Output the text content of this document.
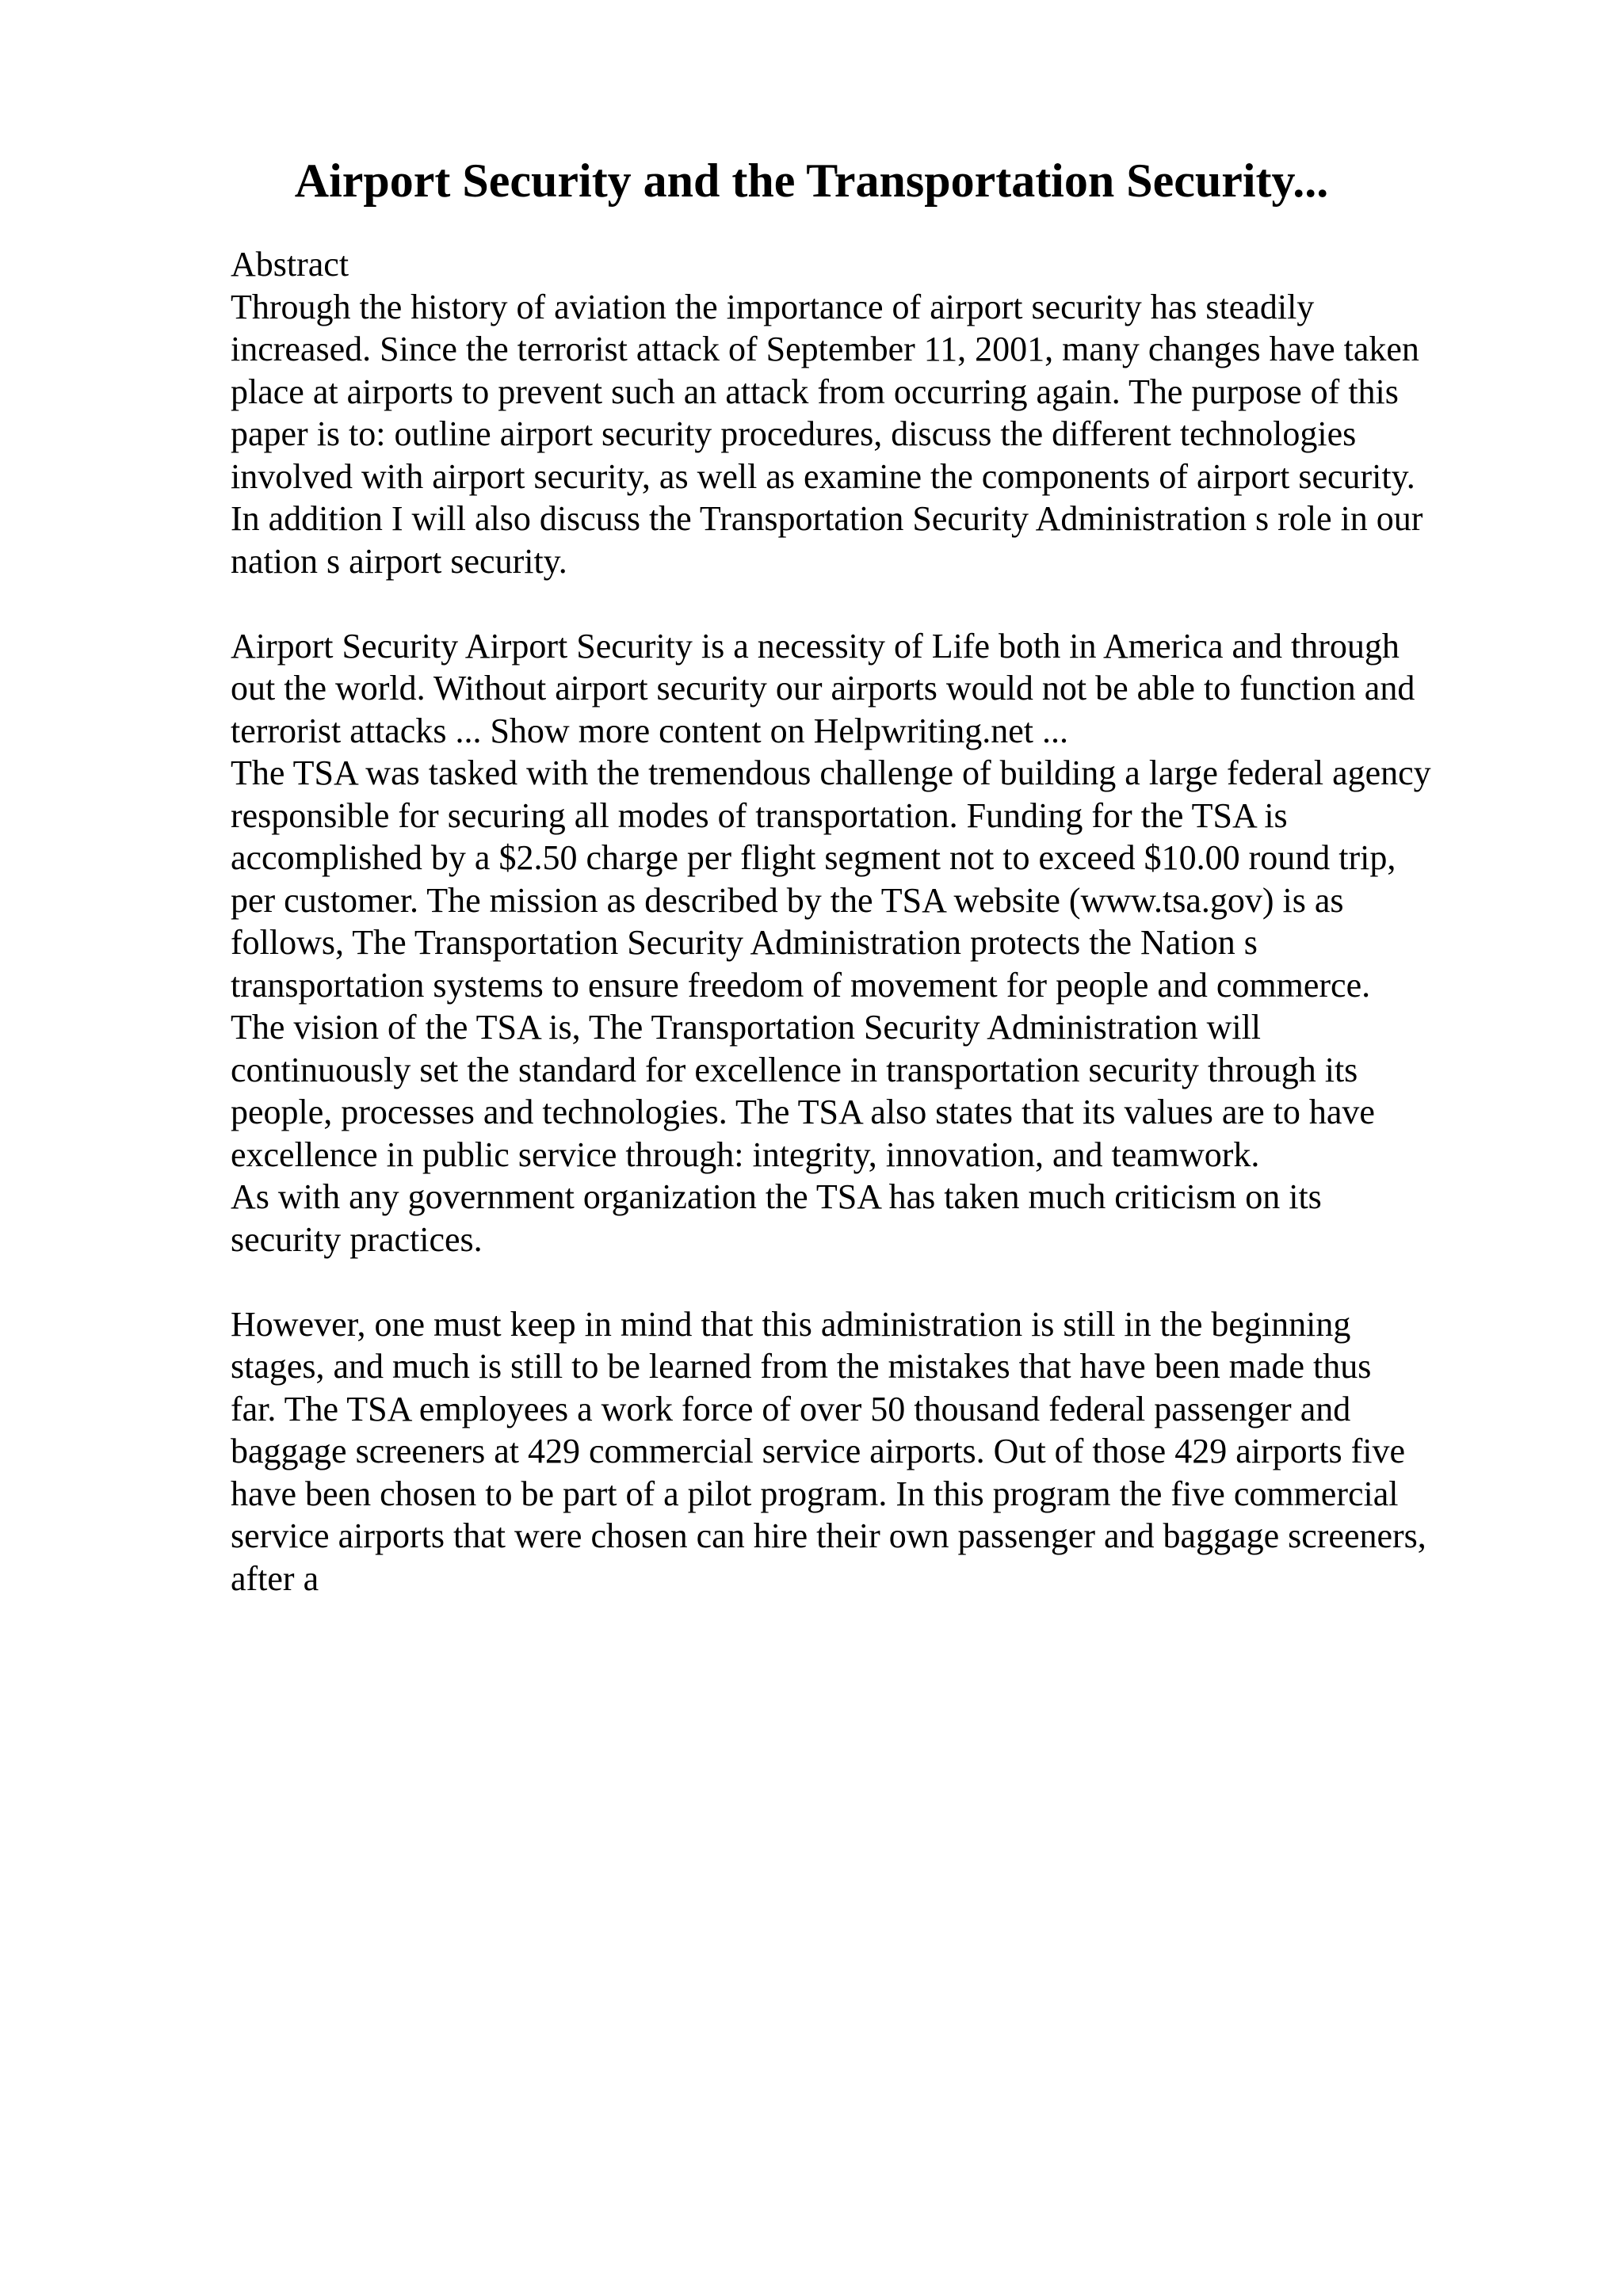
Airport Security and the Transportation Security...
Abstract
Through the history of aviation the importance of airport security has steadily
increased. Since the terrorist attack of September 11, 2001, many changes have taken
place at airports to prevent such an attack from occurring again. The purpose of this
paper is to: outline airport security procedures, discuss the different technologies
involved with airport security, as well as examine the components of airport security.
In addition I will also discuss the Transportation Security Administration s role in our
nation s airport security.
Airport Security Airport Security is a necessity of Life both in America and through
out the world. Without airport security our airports would not be able to function and
terrorist attacks ... Show more content on Helpwriting.net ...
The TSA was tasked with the tremendous challenge of building a large federal agency
responsible for securing all modes of transportation. Funding for the TSA is
accomplished by a $2.50 charge per flight segment not to exceed $10.00 round trip,
per customer. The mission as described by the TSA website (www.tsa.gov) is as
follows, The Transportation Security Administration protects the Nation s
transportation systems to ensure freedom of movement for people and commerce.
The vision of the TSA is, The Transportation Security Administration will
continuously set the standard for excellence in transportation security through its
people, processes and technologies. The TSA also states that its values are to have
excellence in public service through: integrity, innovation, and teamwork.
As with any government organization the TSA has taken much criticism on its
security practices.
However, one must keep in mind that this administration is still in the beginning
stages, and much is still to be learned from the mistakes that have been made thus
far. The TSA employees a work force of over 50 thousand federal passenger and
baggage screeners at 429 commercial service airports. Out of those 429 airports five
have been chosen to be part of a pilot program. In this program the five commercial
service airports that were chosen can hire their own passenger and baggage screeners,
after a
